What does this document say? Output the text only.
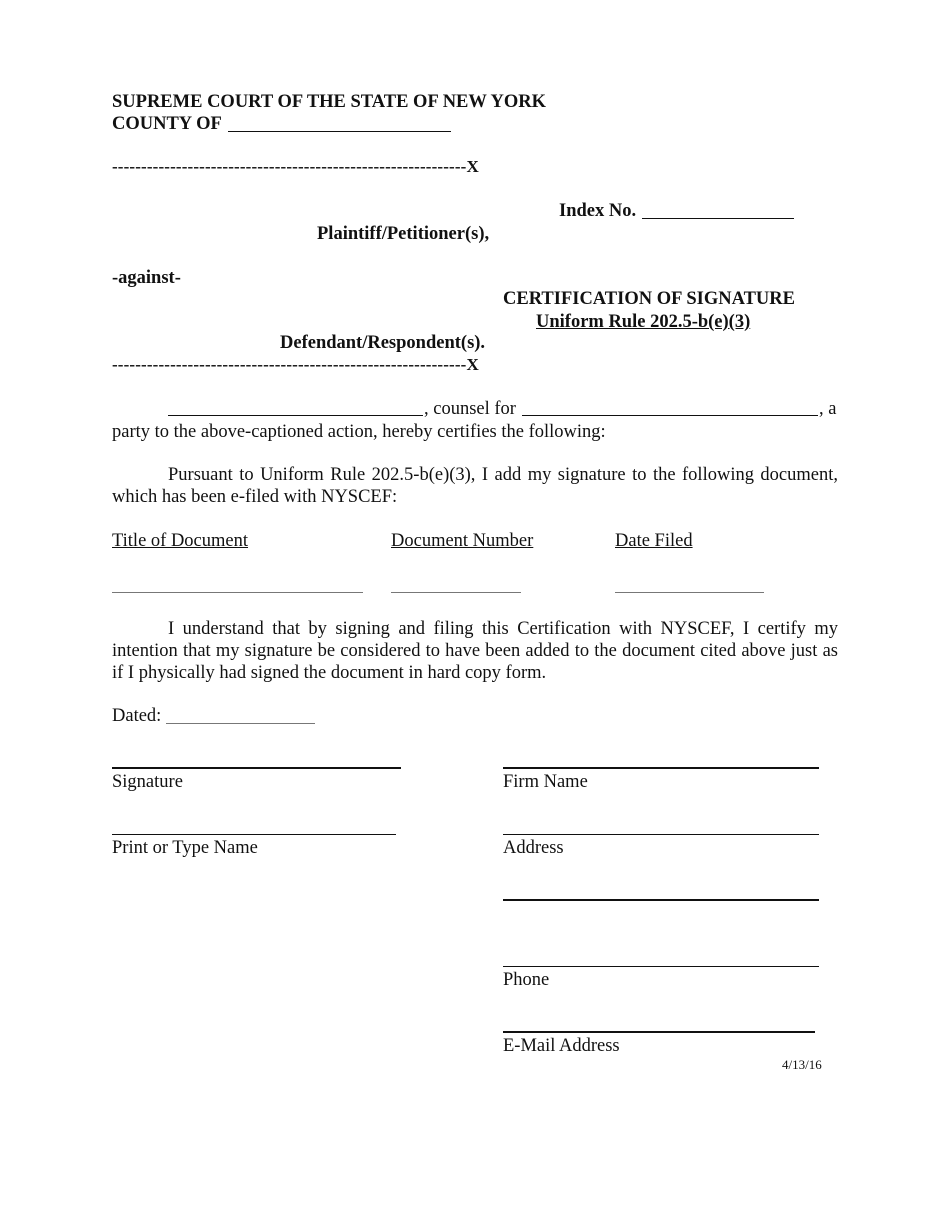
SUPREME COURT OF THE STATE OF NEW YORK
COUNTY OF
-------------------------------------------------------------X
Index No.
Plaintiff/Petitioner(s),
-against-
CERTIFICATION OF SIGNATURE
Uniform Rule 202.5-b(e)(3)
Defendant/Respondent(s).
-------------------------------------------------------------X
, counsel for	, a
party to the above-captioned action, hereby certifies the following:
Pursuant to Uniform Rule 202.5-b(e)(3), I add my signature to the following document, which has been e-filed with NYSCEF:
Title of Document	Document Number	Date Filed
I understand that by signing and filing this Certification with NYSCEF, I certify my intention that my signature be considered to have been added to the document cited above just as if I physically had signed the document in hard copy form.
Dated:
Signature
Print or Type Name
Firm Name
Address
Phone
E-Mail Address
4/13/16
